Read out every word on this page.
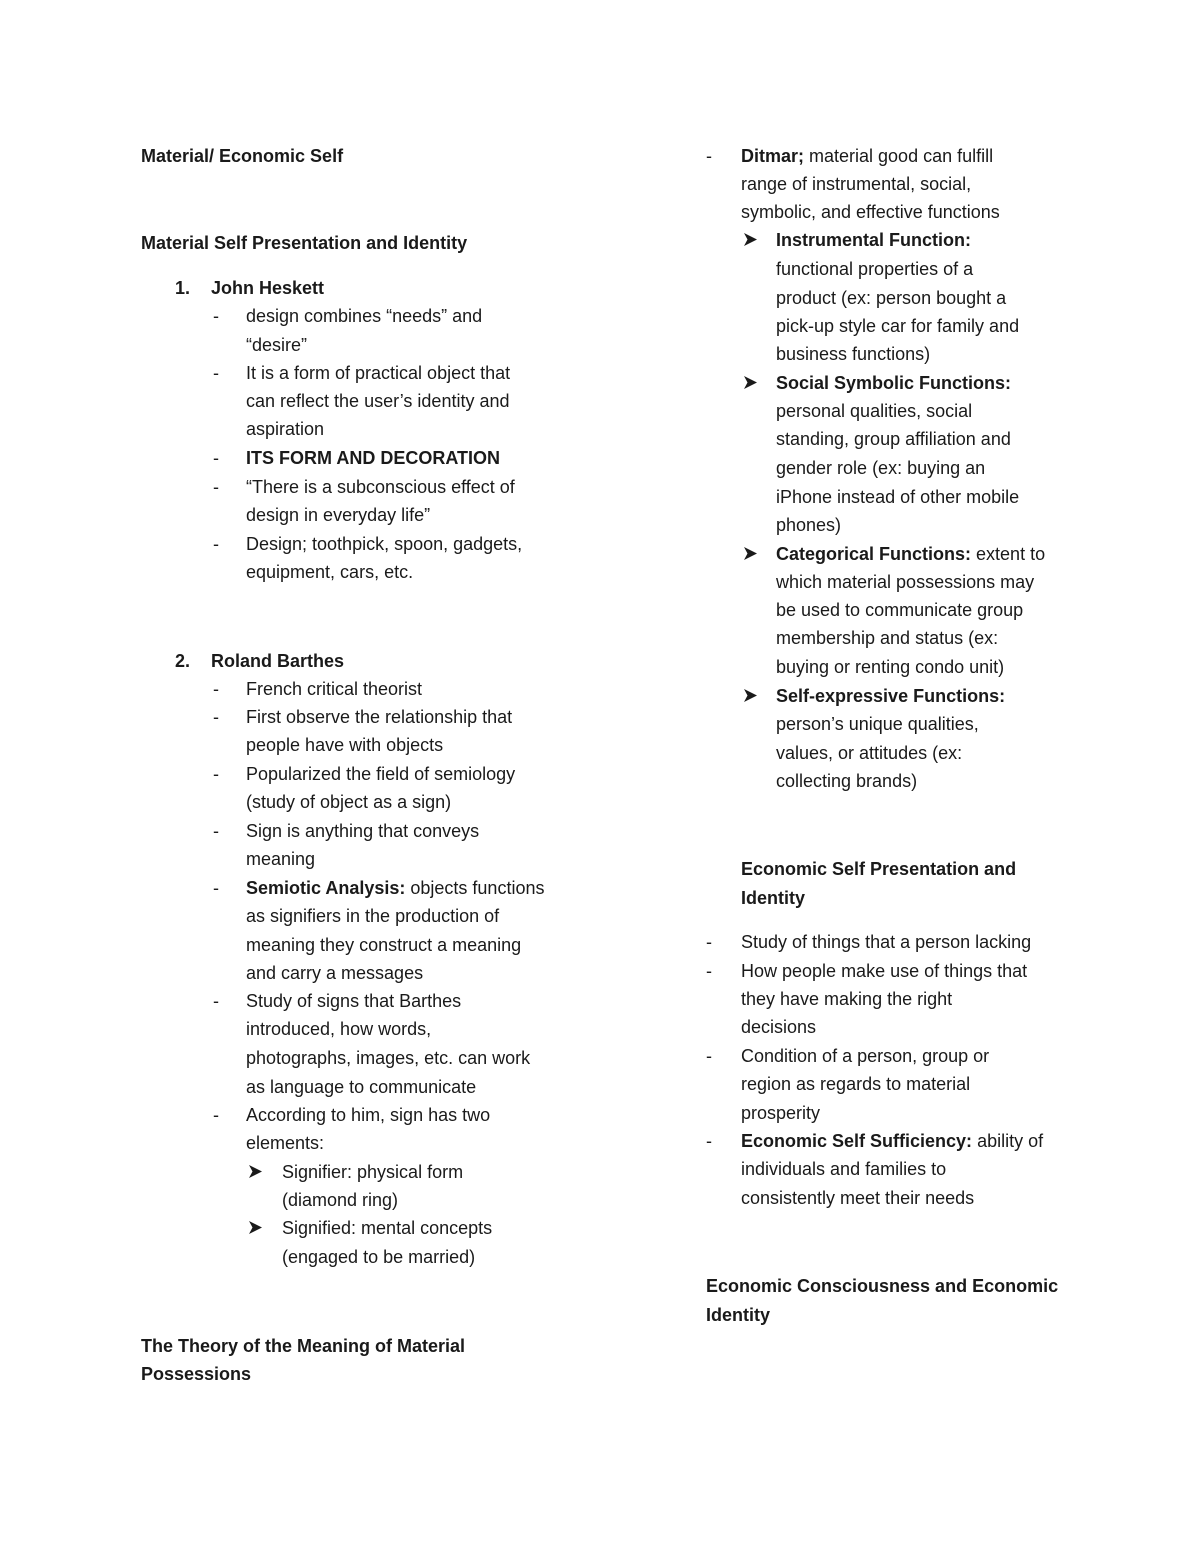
Material/ Economic Self
Material Self Presentation and Identity
1. John Heskett
- design combines “needs” and
“desire”
- It is a form of practical object that
can reflect the user’s identity and
aspiration
- ITS FORM AND DECORATION
- “There is a subconscious effect of
design in everyday life”
- Design; toothpick, spoon, gadgets,
equipment, cars, etc.
2. Roland Barthes
- French critical theorist
- First observe the relationship that
people have with objects
- Popularized the field of semiology
(study of object as a sign)
- Sign is anything that conveys
meaning
- Semiotic Analysis: objects functions
as signifiers in the production of
meaning they construct a meaning
and carry a messages
- Study of signs that Barthes
introduced, how words,
photographs, images, etc. can work
as language to communicate
- According to him, sign has two
elements:
Signifier: physical form
(diamond ring)
Signified: mental concepts
(engaged to be married)
The Theory of the Meaning of Material
Possessions
- Ditmar; material good can fulfill
range of instrumental, social,
symbolic, and effective functions
Instrumental Function:
functional properties of a
product (ex: person bought a
pick-up style car for family and
business functions)
Social Symbolic Functions:
personal qualities, social
standing, group affiliation and
gender role (ex: buying an
iPhone instead of other mobile
phones)
Categorical Functions: extent to
which material possessions may
be used to communicate group
membership and status (ex:
buying or renting condo unit)
Self-expressive Functions:
person’s unique qualities,
values, or attitudes (ex:
collecting brands)
Economic Self Presentation and
Identity
- Study of things that a person lacking
- How people make use of things that
they have making the right
decisions
- Condition of a person, group or
region as regards to material
prosperity
- Economic Self Sufficiency: ability of
individuals and families to
consistently meet their needs
Economic Consciousness and Economic
Identity
